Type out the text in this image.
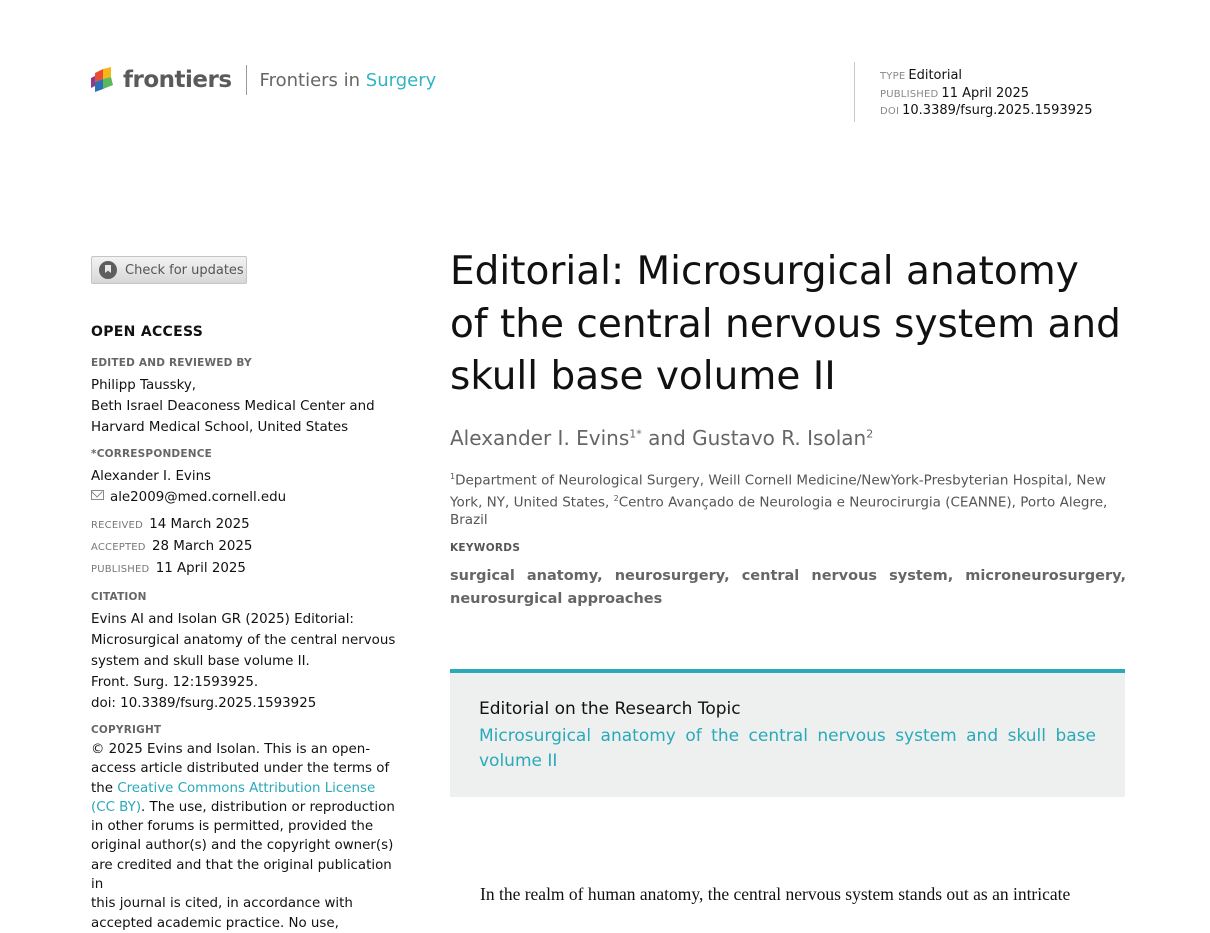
frontiers Frontiers in Surgery	TYPE Editorial
PUBLISHED 11 April 2025
DOI 10.3389/fsurg.2025.1593925
Check for updates
OPEN ACCESS
EDITED AND REVIEWED BY
Philipp Taussky,
Beth Israel Deaconess Medical Center and
Harvard Medical School, United States
*CORRESPONDENCE
Alexander I. Evins
ale2009@med.cornell.edu
RECEIVED 14 March 2025
ACCEPTED 28 March 2025
PUBLISHED 11 April 2025
CITATION
Evins AI and Isolan GR (2025) Editorial:
Microsurgical anatomy of the central nervous
system and skull base volume II.
Front. Surg. 12:1593925.
doi: 10.3389/fsurg.2025.1593925
COPYRIGHT
© 2025 Evins and Isolan. This is an open-
access article distributed under the terms of
the Creative Commons Attribution License
(CC BY). The use, distribution or reproduction
in other forums is permitted, provided the
original author(s) and the copyright owner(s)
are credited and that the original publication in
this journal is cited, in accordance with
accepted academic practice. No use,
Editorial: Microsurgical anatomy
of the central nervous system and
skull base volume II
Alexander I. Evins$^{1*}$ and Gustavo R. Isolan$^2$
$^1$Department of Neurological Surgery, Weill Cornell Medicine/NewYork-Presbyterian Hospital, New York, NY, United States, $^2$Centro Avançado de Neurologia e Neurocirurgia (CEANNE), Porto Alegre, Brazil
KEYWORDS
surgical anatomy, neurosurgery, central nervous system, microneurosurgery, neurosurgical approaches
Editorial on the Research Topic
Microsurgical anatomy of the central nervous system and skull base volume II
In the realm of human anatomy, the central nervous system stands out as an intricate
